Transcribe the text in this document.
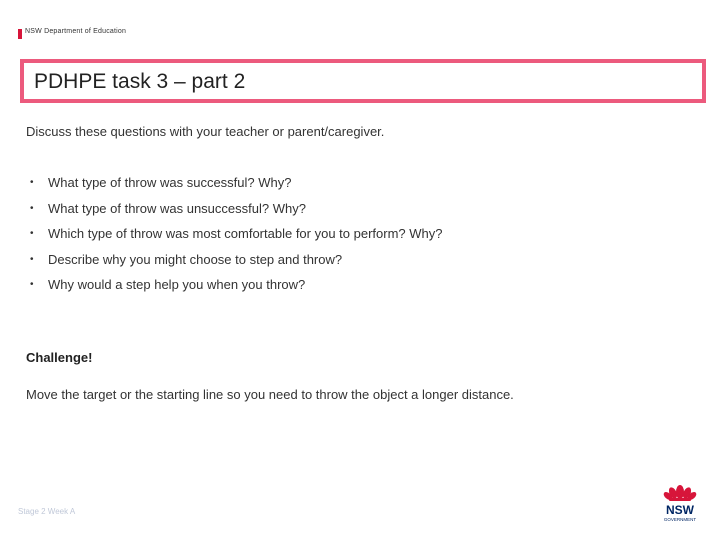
NSW Department of Education
PDHPE task 3 – part 2
Discuss these questions with your teacher or parent/caregiver.
• What type of throw was successful? Why?
• What type of throw was unsuccessful? Why?
• Which type of throw was most comfortable for you to perform? Why?
• Describe why you might choose to step and throw?
• Why would a step help you when you throw?
Challenge!
Move the target or the starting line so you need to throw the object a longer distance.
Stage 2 Week A	NSW
GOVERNMENT
